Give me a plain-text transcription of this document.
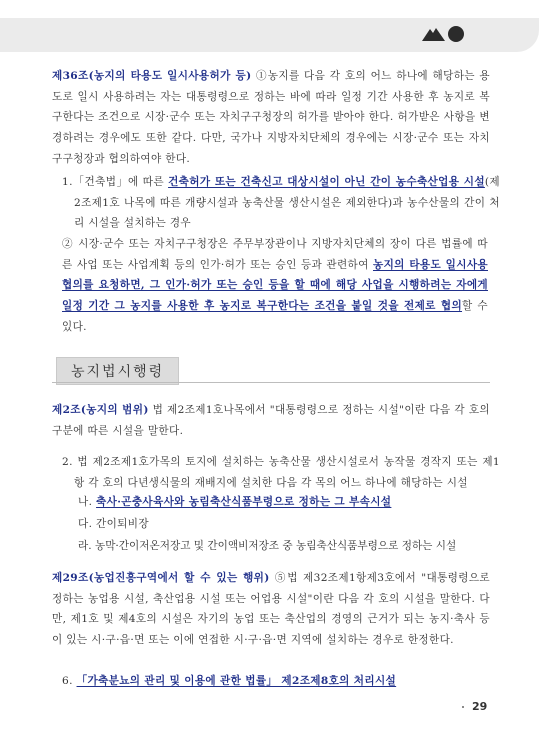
제36조(농지의 타용도 일시사용허가 등) ①농지를 다음 각 호의 어느 하나에 해당하는 용도로 일시 사용하려는 자는 대통령령으로 정하는 바에 따라 일정 기간 사용한 후 농지로 복구한다는 조건으로 시장·군수 또는 자치구구청장의 허가를 받아야 한다. 허가받은 사항을 변경하려는 경우에도 또한 같다. 다만, 국가나 지방자치단체의 경우에는 시장·군수 또는 자치구구청장과 협의하여야 한다.
1.「건축법」에 따른 건축허가 또는 건축신고 대상시설이 아닌 간이 농수축산업용 시설(제2조제1호 나목에 따른 개량시설과 농축산물 생산시설은 제외한다)과 농수산물의 간이 처리 시설을 설치하는 경우
② 시장·군수 또는 자치구구청장은 주무부장관이나 지방자치단체의 장이 다른 법률에 따른 사업 또는 사업계획 등의 인가·허가 또는 승인 등과 관련하여 농지의 타용도 일시사용 협의를 요청하면, 그 인가·허가 또는 승인 등을 할 때에 해당 사업을 시행하려는 자에게 일정 기간 그 농지를 사용한 후 농지로 복구한다는 조건을 붙일 것을 전제로 협의할 수 있다.
농지법시행령
제2조(농지의 범위) 법 제2조제1호나목에서 "대통령령으로 정하는 시설"이란 다음 각 호의 구분에 따른 시설을 말한다.
2. 법 제2조제1호가목의 토지에 설치하는 농축산물 생산시설로서 농작물 경작지 또는 제1항 각 호의 다년생식물의 재배지에 설치한 다음 각 목의 어느 하나에 해당하는 시설
나. 축사·곤충사육사와 농림축산식품부령으로 정하는 그 부속시설
다. 간이퇴비장
라. 농막·간이저온저장고 및 간이액비저장조 중 농림축산식품부령으로 정하는 시설
제29조(농업진흥구역에서 할 수 있는 행위) ⑤법 제32조제1항제3호에서 "대통령령으로 정하는 농업용 시설, 축산업용 시설 또는 어업용 시설"이란 다음 각 호의 시설을 말한다. 다만, 제1호 및 제4호의 시설은 자기의 농업 또는 축산업의 경영의 근거가 되는 농지·축사 등이 있는 시·구·읍·면 또는 이에 연접한 시·구·읍·면 지역에 설치하는 경우로 한정한다.
6. 「가축분뇨의 관리 및 이용에 관한 법률」 제2조제8호의 처리시설
29
